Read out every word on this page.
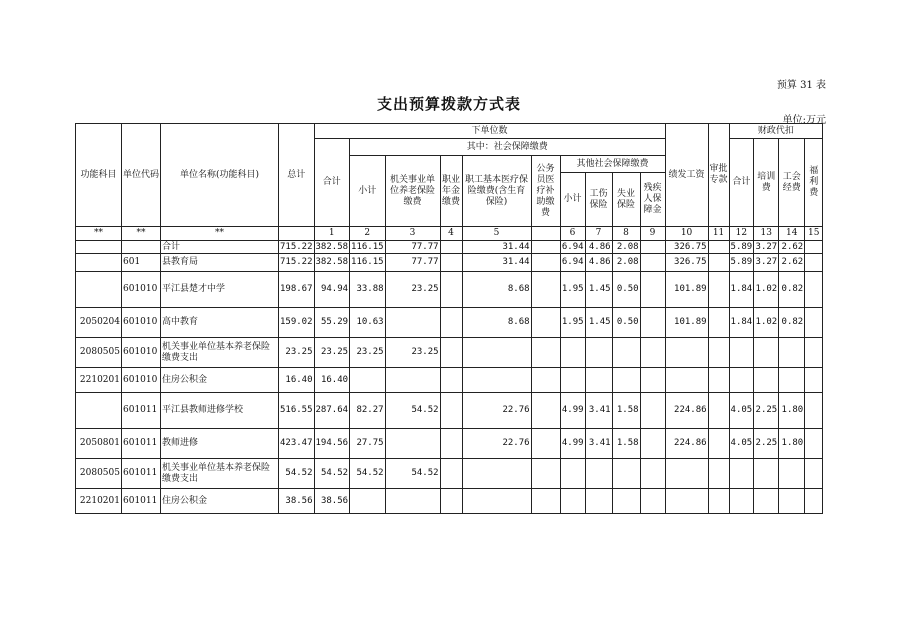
预算 31 表
支出预算拨款方式表
单位:万元
功能科目	单位代码	单位名称(功能科目)	总计	下单位数										绩发工资	审批专款	财政代扣			
				合计	其中：社会保障缴费											合计	培训费	工会经费	福利费
					小计	机关事业单位养老保险缴费	职业年金缴费	职工基本医疗保险缴费(含生育保险)	公务员医疗补助缴费	其他社会保障缴费									
										小计	工伤保险	失业保险	残疾人保障金						
**	**	**		1	2	3	4	5		6	7	8	9	10	11	12	13	14	15
		合计	715.22	382.58	116.15	77.77		31.44		6.94	4.86	2.08		326.75		5.89	3.27	2.62	
	601	县教育局	715.22	382.58	116.15	77.77		31.44		6.94	4.86	2.08		326.75		5.89	3.27	2.62	
	601010	平江县楚才中学	198.67	94.94	33.88	23.25		8.68		1.95	1.45	0.50		101.89		1.84	1.02	0.82	
2050204	601010	高中教育	159.02	55.29	10.63			8.68		1.95	1.45	0.50		101.89		1.84	1.02	0.82	
2080505	601010	机关事业单位基本养老保险缴费支出	23.25	23.25	23.25	23.25													
2210201	601010	住房公积金	16.40	16.40															
	601011	平江县教师进修学校	516.55	287.64	82.27	54.52		22.76		4.99	3.41	1.58		224.86		4.05	2.25	1.80	
2050801	601011	教师进修	423.47	194.56	27.75			22.76		4.99	3.41	1.58		224.86		4.05	2.25	1.80	
2080505	601011	机关事业单位基本养老保险缴费支出	54.52	54.52	54.52	54.52													
2210201	601011	住房公积金	38.56	38.56															
